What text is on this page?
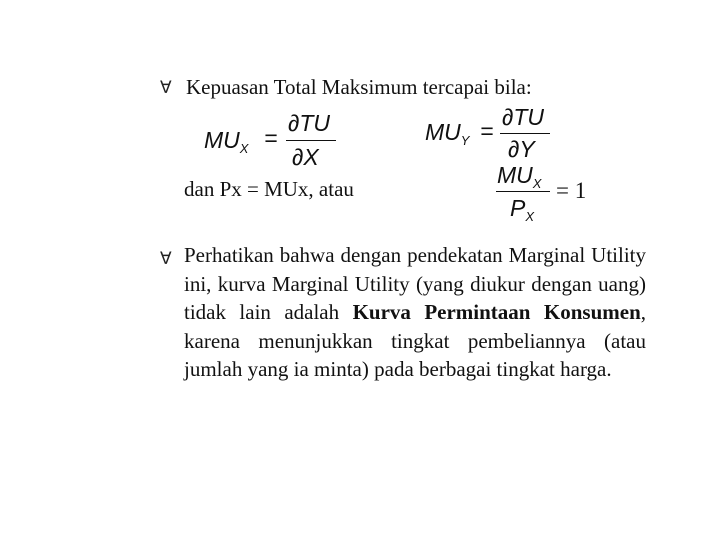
∀ Kepuasan Total Maksimum tercapai bila:
$MU_X$ =
∂TU
∂X
$MU_Y$ =
∂TU
∂Y
dan Px = MUx, atau
$MU_X$
$P_X$
= 1
∀ Perhatikan bahwa dengan pendekatan Marginal Utility ini, kurva Marginal Utility (yang diukur dengan uang) tidak lain adalah Kurva Permintaan Konsumen, karena menunjukkan tingkat pembeliannya (atau jumlah yang ia minta) pada berbagai tingkat harga.
